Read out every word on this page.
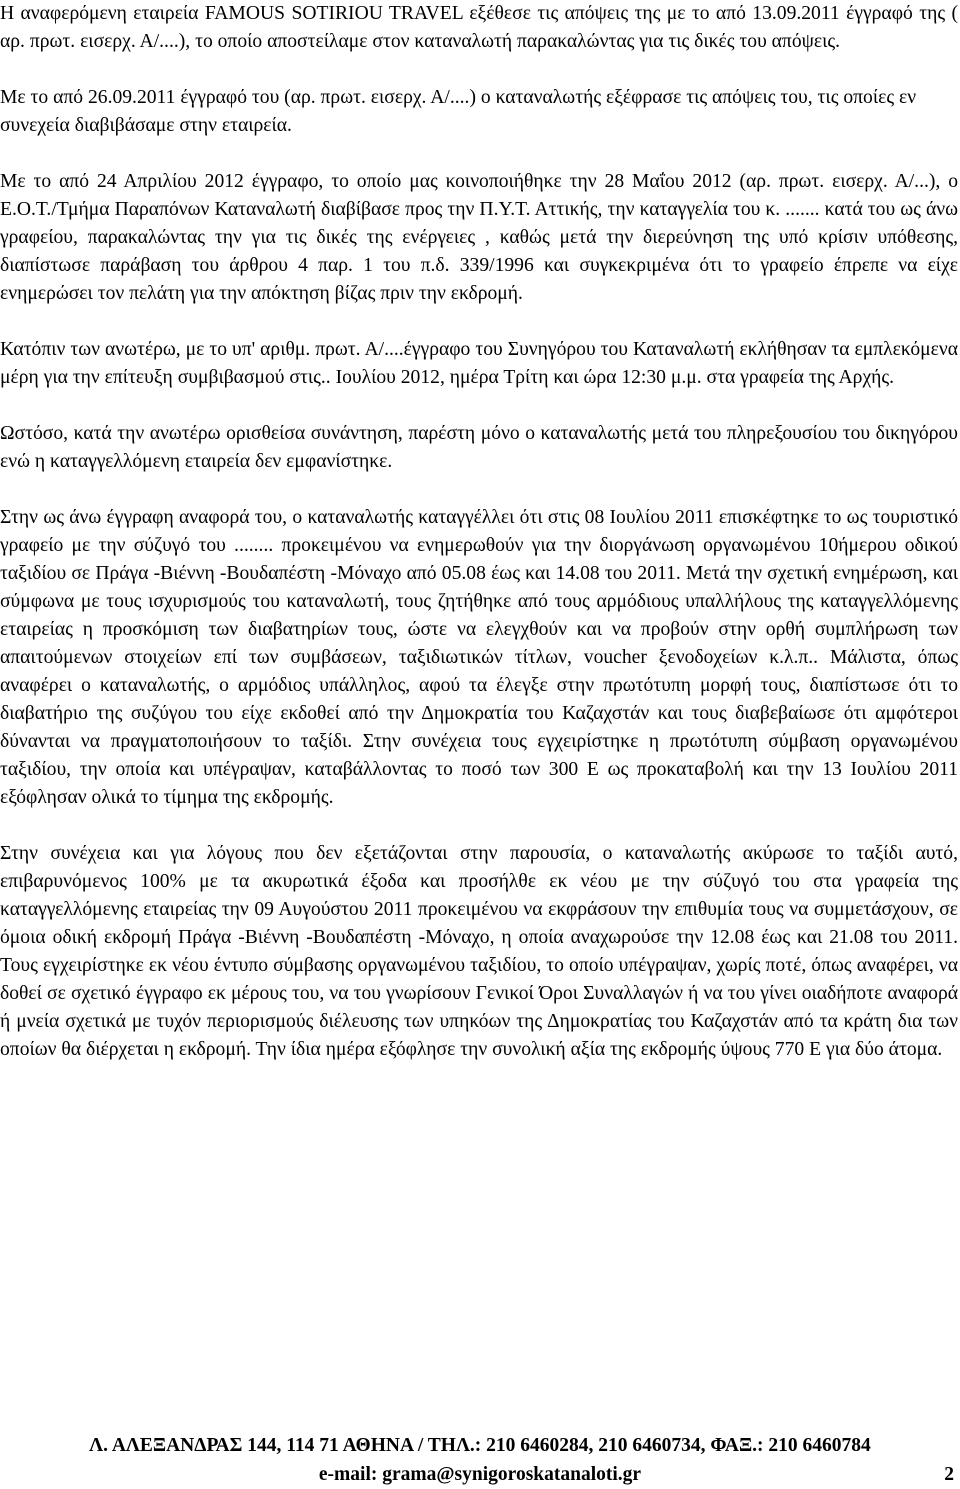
Η αναφερόμενη εταιρεία FAMOUS SOTIRIOU TRAVEL εξέθεσε τις απόψεις της με το από 13.09.2011 έγγραφό της ( αρ. πρωτ. εισερχ. Α/....), το οποίο αποστείλαμε στον καταναλωτή παρακαλώντας για τις δικές του απόψεις.

Με το από 26.09.2011 έγγραφό του (αρ. πρωτ. εισερχ. Α/....) ο καταναλωτής εξέφρασε τις απόψεις του, τις οποίες εν συνεχεία διαβιβάσαμε στην εταιρεία.

Με το από 24 Απριλίου 2012 έγγραφο, το οποίο μας κοινοποιήθηκε την 28 Μαΐου 2012 (αρ. πρωτ. εισερχ. Α/...), ο Ε.Ο.Τ./Τμήμα Παραπόνων Καταναλωτή διαβίβασε προς την Π.Υ.Τ. Αττικής, την καταγγελία του κ. ....... κατά του ως άνω γραφείου, παρακαλώντας την για τις δικές της ενέργειες , καθώς μετά την διερεύνηση της υπό κρίσιν υπόθεσης, διαπίστωσε παράβαση του άρθρου 4 παρ. 1 του π.δ. 339/1996 και συγκεκριμένα ότι το γραφείο έπρεπε να είχε ενημερώσει τον πελάτη για την απόκτηση βίζας πριν την εκδρομή.

Κατόπιν των ανωτέρω, με το υπ' αριθμ. πρωτ. Α/....έγγραφο του Συνηγόρου του Καταναλωτή εκλήθησαν τα εμπλεκόμενα μέρη για την επίτευξη συμβιβασμού στις.. Ιουλίου 2012, ημέρα Τρίτη και ώρα 12:30 μ.μ. στα γραφεία της Αρχής.

Ωστόσο, κατά την ανωτέρω ορισθείσα συνάντηση, παρέστη μόνο ο καταναλωτής μετά του πληρεξουσίου του δικηγόρου ενώ η καταγγελλόμενη εταιρεία δεν εμφανίστηκε.

Στην ως άνω έγγραφη αναφορά του, ο καταναλωτής καταγγέλλει ότι στις 08 Ιουλίου 2011 επισκέφτηκε το ως τουριστικό γραφείο με την σύζυγό του ........ προκειμένου να ενημερωθούν για την διοργάνωση οργανωμένου 10ήμερου οδικού ταξιδίου σε Πράγα -Βιέννη -Βουδαπέστη -Μόναχο από 05.08 έως και 14.08 του 2011. Μετά την σχετική ενημέρωση, και σύμφωνα με τους ισχυρισμούς του καταναλωτή, τους ζητήθηκε από τους αρμόδιους υπαλλήλους της καταγγελλόμενης εταιρείας η προσκόμιση των διαβατηρίων τους, ώστε να ελεγχθούν και να προβούν στην ορθή συμπλήρωση των απαιτούμενων στοιχείων επί των συμβάσεων, ταξιδιωτικών τίτλων, voucher ξενοδοχείων κ.λ.π.. Μάλιστα, όπως αναφέρει ο καταναλωτής, ο αρμόδιος υπάλληλος, αφού τα έλεγξε στην πρωτότυπη μορφή τους, διαπίστωσε ότι το διαβατήριο της συζύγου του είχε εκδοθεί από την Δημοκρατία του Καζαχστάν και τους διαβεβαίωσε ότι αμφότεροι δύνανται να πραγματοποιήσουν το ταξίδι. Στην συνέχεια τους εγχειρίστηκε η πρωτότυπη σύμβαση οργανωμένου ταξιδίου, την οποία και υπέγραψαν, καταβάλλοντας το ποσό των 300 Ε ως προκαταβολή και την 13 Ιουλίου 2011 εξόφλησαν ολικά το τίμημα της εκδρομής.

Στην συνέχεια και για λόγους που δεν εξετάζονται στην παρουσία, ο καταναλωτής ακύρωσε το ταξίδι αυτό, επιβαρυνόμενος 100% με τα ακυρωτικά έξοδα και προσήλθε εκ νέου με την σύζυγό του στα γραφεία της καταγγελλόμενης εταιρείας την 09 Αυγούστου 2011 προκειμένου να εκφράσουν την επιθυμία τους να συμμετάσχουν, σε όμοια οδική εκδρομή Πράγα -Βιέννη -Βουδαπέστη -Μόναχο, η οποία αναχωρούσε την 12.08 έως και 21.08 του 2011. Τους εγχειρίστηκε εκ νέου έντυπο σύμβασης οργανωμένου ταξιδίου, το οποίο υπέγραψαν, χωρίς ποτέ, όπως αναφέρει, να δοθεί σε σχετικό έγγραφο εκ μέρους του, να του γνωρίσουν Γενικοί Όροι Συναλλαγών ή να του γίνει οιαδήποτε αναφορά ή μνεία σχετικά με τυχόν περιορισμούς διέλευσης των υπηκόων της Δημοκρατίας του Καζαχστάν από τα κράτη δια των οποίων θα διέρχεται η εκδρομή. Την ίδια ημέρα εξόφλησε την συνολική αξία της εκδρομής ύψους 770 Ε για δύο άτομα.

Λ. ΑΛΕΞΑΝΔΡΑΣ 144, 114 71 ΑΘΗΝΑ / ΤΗΛ.: 210 6460284, 210 6460734, ΦΑΞ.: 210 6460784

e-mail: grama@synigoroskatanaloti.gr	2
